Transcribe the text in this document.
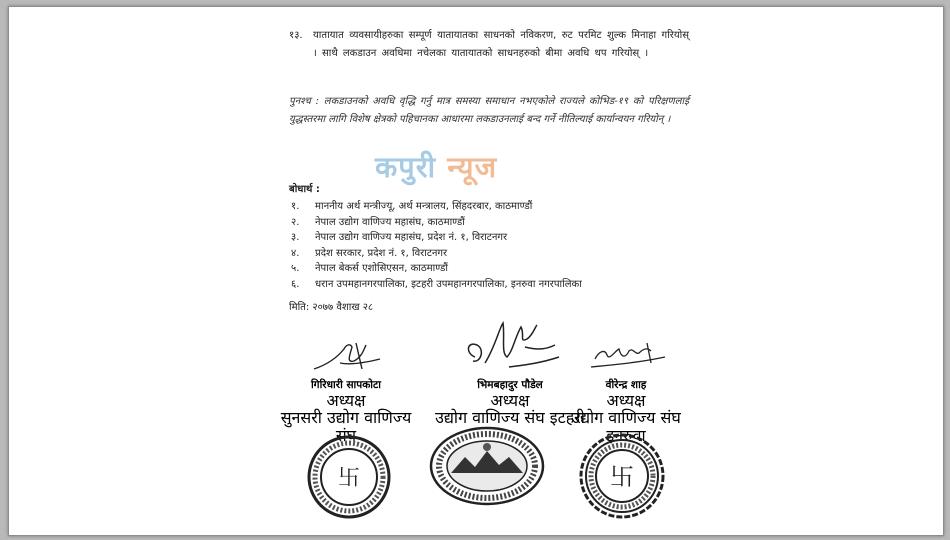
१३.	यातायात व्यवसायीहरुका सम्पूर्ण यातायातका साधनको नविकरण, रुट परमिट शुल्क मिनाहा गरियोस् । साथै लकडाउन अवधिमा नचेलका यातायातको साधनहरुको बीमा अवधि थप गरियोस् ।
पुनश्च : लकडाउनको अवधि वृद्धि गर्नु मात्र समस्या समाधान नभएकोले राज्यले कोभिड-१९ को परिक्षणलाई युद्धस्तरमा लागि विशेष क्षेत्रको पहिचानका आधारमा लकडाउनलाई बन्द गर्ने नीतिल्याई कार्यान्वयन गरियोन् ।
कपुरी न्यूज
बोधार्थ :
१. माननीय अर्थ मन्त्रीज्यू, अर्थ मन्त्रालय, सिंहदरबार, काठमाण्डौं
२. नेपाल उद्योग वाणिज्य महासंघ, काठमाण्डौं
३. नेपाल उद्योग वाणिज्य महासंघ, प्रदेश नं. १, विराटनगर
४. प्रदेश सरकार, प्रदेश नं. १, विराटनगर
५. नेपाल बेकर्स एशोसिएसन, काठमाण्डौं
६. धरान उपमहानगरपालिका, इटहरी उपमहानगरपालिका, इनरुवा नगरपालिका
मिति: २०७७ वैशाख २८
गिरिधारी सापकोटा
अध्यक्ष
सुनसरी उद्योग वाणिज्य संघ
भिमबहादुर पौडेल
अध्यक्ष
उद्योग वाणिज्य संघ इटहरी
वीरेन्द्र शाह
अध्यक्ष
उद्योग वाणिज्य संघ इनरुवा
卐	卐
